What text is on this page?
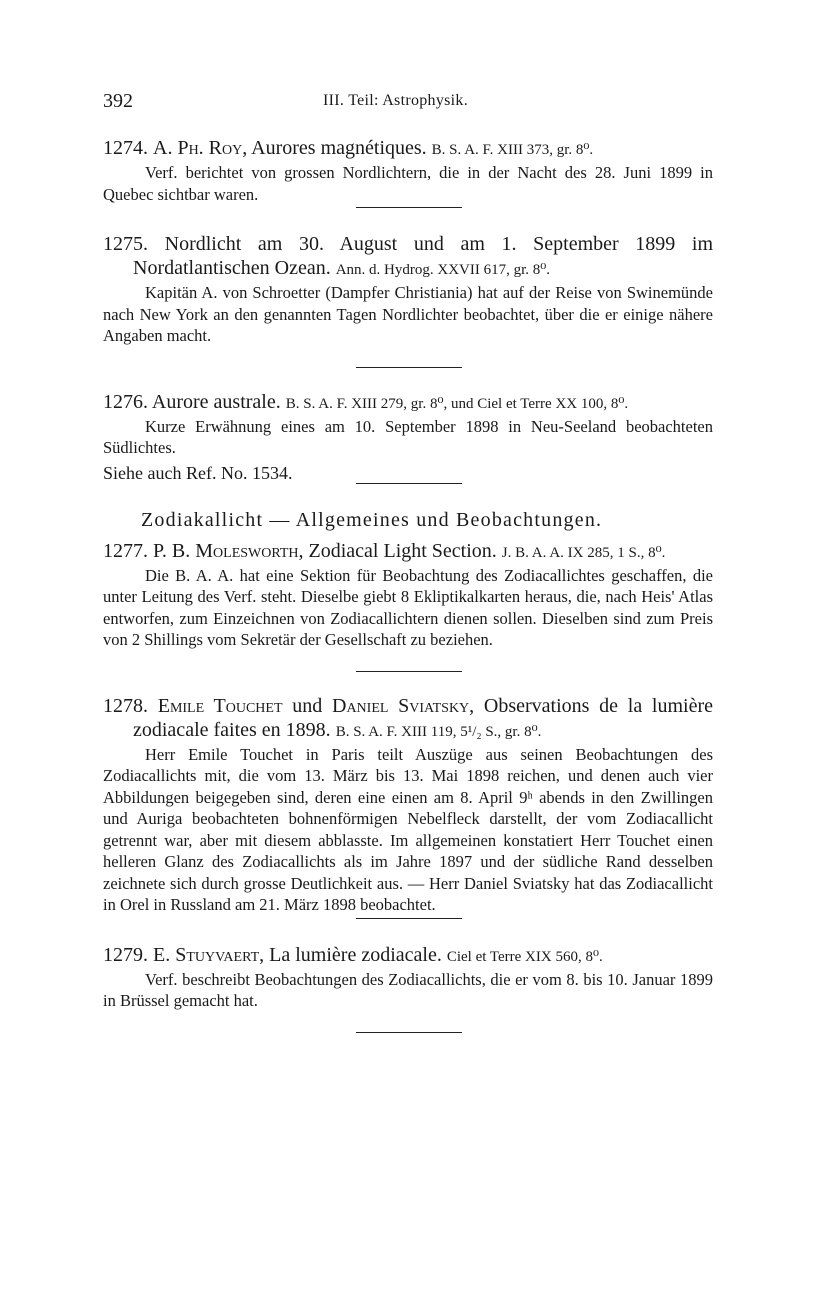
392	III. Teil: Astrophysik.
1274. A. Ph. Roy, Aurores magnétiques. B. S. A. F. XIII 373, gr. 8⁰.
Verf. berichtet von grossen Nordlichtern, die in der Nacht des 28. Juni 1899 in Quebec sichtbar waren.
1275. Nordlicht am 30. August und am 1. September 1899 im Nordatlantischen Ozean. Ann. d. Hydrog. XXVII 617, gr. 8⁰.
Kapitän A. von Schroetter (Dampfer Christiania) hat auf der Reise von Swinemünde nach New York an den genannten Tagen Nordlichter beobachtet, über die er einige nähere Angaben macht.
1276. Aurore australe. B. S. A. F. XIII 279, gr. 8⁰, und Ciel et Terre XX 100, 8⁰.
Kurze Erwähnung eines am 10. September 1898 in Neu-Seeland beobachteten Südlichtes.
Siehe auch Ref. No. 1534.
Zodiakallicht — Allgemeines und Beobachtungen.
1277. P. B. Molesworth, Zodiacal Light Section. J. B. A. A. IX 285, 1 S., 8⁰.
Die B. A. A. hat eine Sektion für Beobachtung des Zodiacallichtes geschaffen, die unter Leitung des Verf. steht. Dieselbe giebt 8 Ekliptikalkarten heraus, die, nach Heis' Atlas entworfen, zum Einzeichnen von Zodiacallichtern dienen sollen. Dieselben sind zum Preis von 2 Shillings vom Sekretär der Gesellschaft zu beziehen.
1278. Emile Touchet und Daniel Sviatsky, Observations de la lumière zodiacale faites en 1898. B. S. A. F. XIII 119, 5¹/₂ S., gr. 8⁰.
Herr Emile Touchet in Paris teilt Auszüge aus seinen Beobachtungen des Zodiacallichts mit, die vom 13. März bis 13. Mai 1898 reichen, und denen auch vier Abbildungen beigegeben sind, deren eine einen am 8. April 9ʰ abends in den Zwillingen und Auriga beobachteten bohnenförmigen Nebelfleck darstellt, der vom Zodiacallicht getrennt war, aber mit diesem abblasste. Im allgemeinen konstatiert Herr Touchet einen helleren Glanz des Zodiacallichts als im Jahre 1897 und der südliche Rand desselben zeichnete sich durch grosse Deutlichkeit aus. — Herr Daniel Sviatsky hat das Zodiacallicht in Orel in Russland am 21. März 1898 beobachtet.
1279. E. Stuyvaert, La lumière zodiacale. Ciel et Terre XIX 560, 8⁰.
Verf. beschreibt Beobachtungen des Zodiacallichts, die er vom 8. bis 10. Januar 1899 in Brüssel gemacht hat.
